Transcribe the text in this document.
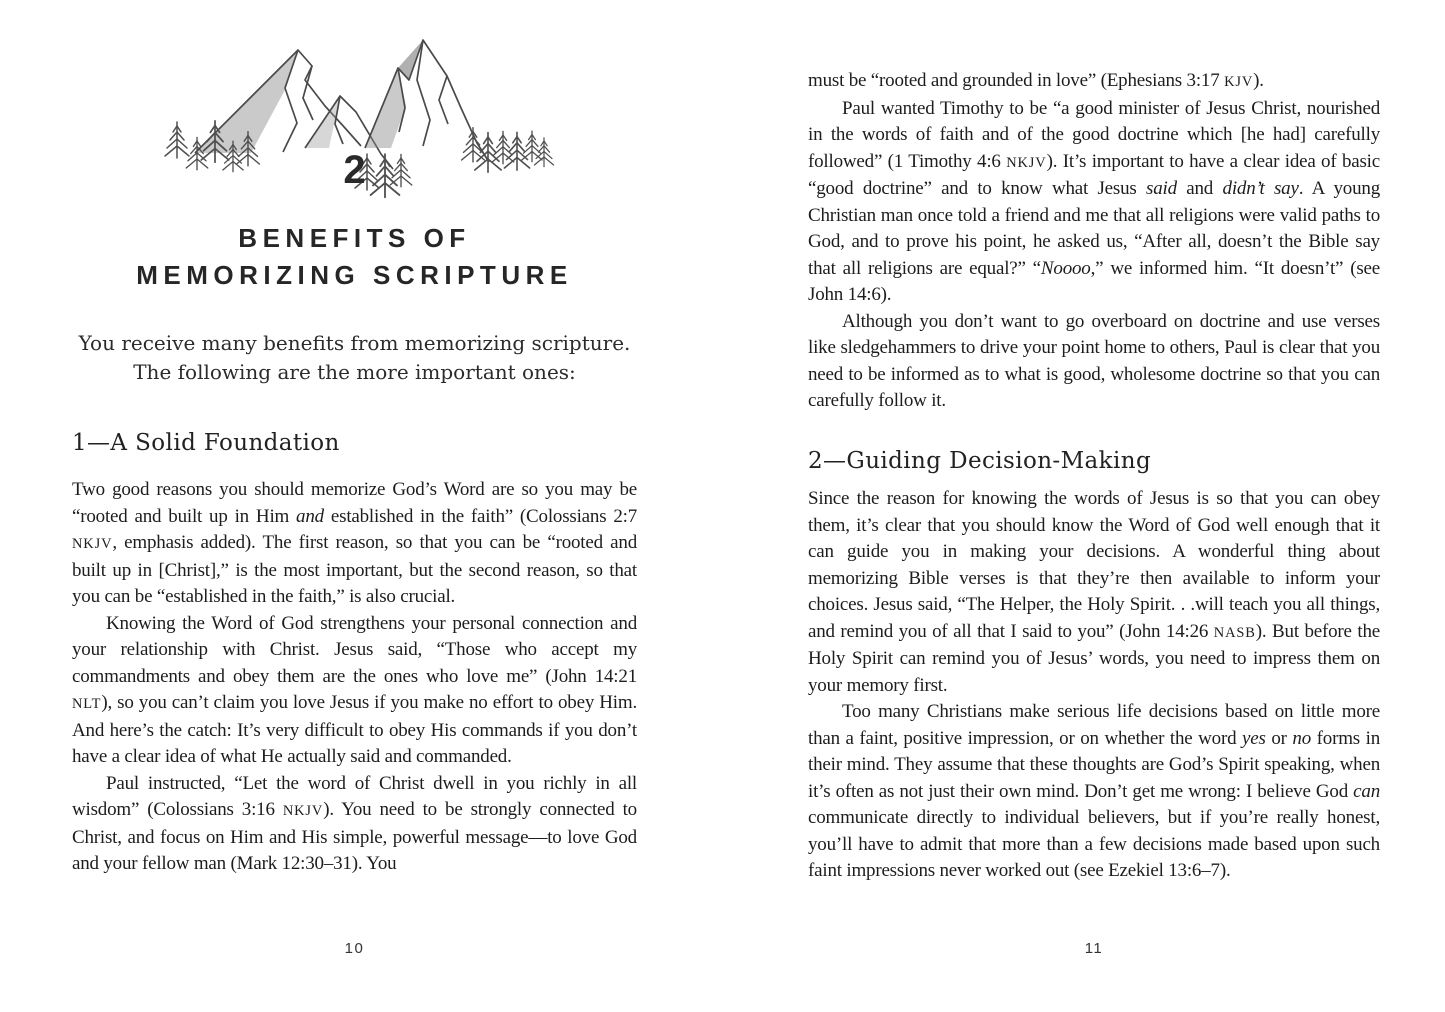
2
BENEFITS OF
MEMORIZING SCRIPTURE
You receive many benefits from memorizing scripture.
The following are the more important ones:
1—A Solid Foundation

Two good reasons you should memorize God’s Word are so you may be “rooted and built up in Him and established in the faith” (Colossians 2:7 NKJV, emphasis added). The first reason, so that you can be “rooted and built up in [Christ],” is the most important, but the second reason, so that you can be “established in the faith,” is also crucial.

Knowing the Word of God strengthens your personal connection and your relationship with Christ. Jesus said, “Those who accept my commandments and obey them are the ones who love me” (John 14:21 NLT), so you can’t claim you love Jesus if you make no effort to obey Him. And here’s the catch: It’s very difficult to obey His commands if you don’t have a clear idea of what He actually said and commanded.

Paul instructed, “Let the word of Christ dwell in you richly in all wisdom” (Colossians 3:16 NKJV). You need to be strongly connected to Christ, and focus on Him and His simple, powerful message—to love God and your fellow man (Mark 12:30–31). You

10

must be “rooted and grounded in love” (Ephesians 3:17 KJV).

Paul wanted Timothy to be “a good minister of Jesus Christ, nourished in the words of faith and of the good doctrine which [he had] carefully followed” (1 Timothy 4:6 NKJV). It’s important to have a clear idea of basic “good doctrine” and to know what Jesus said and didn’t say. A young Christian man once told a friend and me that all religions were valid paths to God, and to prove his point, he asked us, “After all, doesn’t the Bible say that all religions are equal?” “Noooo,” we informed him. “It doesn’t” (see John 14:6).

Although you don’t want to go overboard on doctrine and use verses like sledgehammers to drive your point home to others, Paul is clear that you need to be informed as to what is good, wholesome doctrine so that you can carefully follow it.

2—Guiding Decision-Making

Since the reason for knowing the words of Jesus is so that you can obey them, it’s clear that you should know the Word of God well enough that it can guide you in making your decisions. A wonderful thing about memorizing Bible verses is that they’re then available to inform your choices. Jesus said, “The Helper, the Holy Spirit. . .will teach you all things, and remind you of all that I said to you” (John 14:26 NASB). But before the Holy Spirit can remind you of Jesus’ words, you need to impress them on your memory first.

Too many Christians make serious life decisions based on little more than a faint, positive impression, or on whether the word yes or no forms in their mind. They assume that these thoughts are God’s Spirit speaking, when it’s often as not just their own mind. Don’t get me wrong: I believe God can communicate directly to individual believers, but if you’re really honest, you’ll have to admit that more than a few decisions made based upon such faint impressions never worked out (see Ezekiel 13:6–7).

11
